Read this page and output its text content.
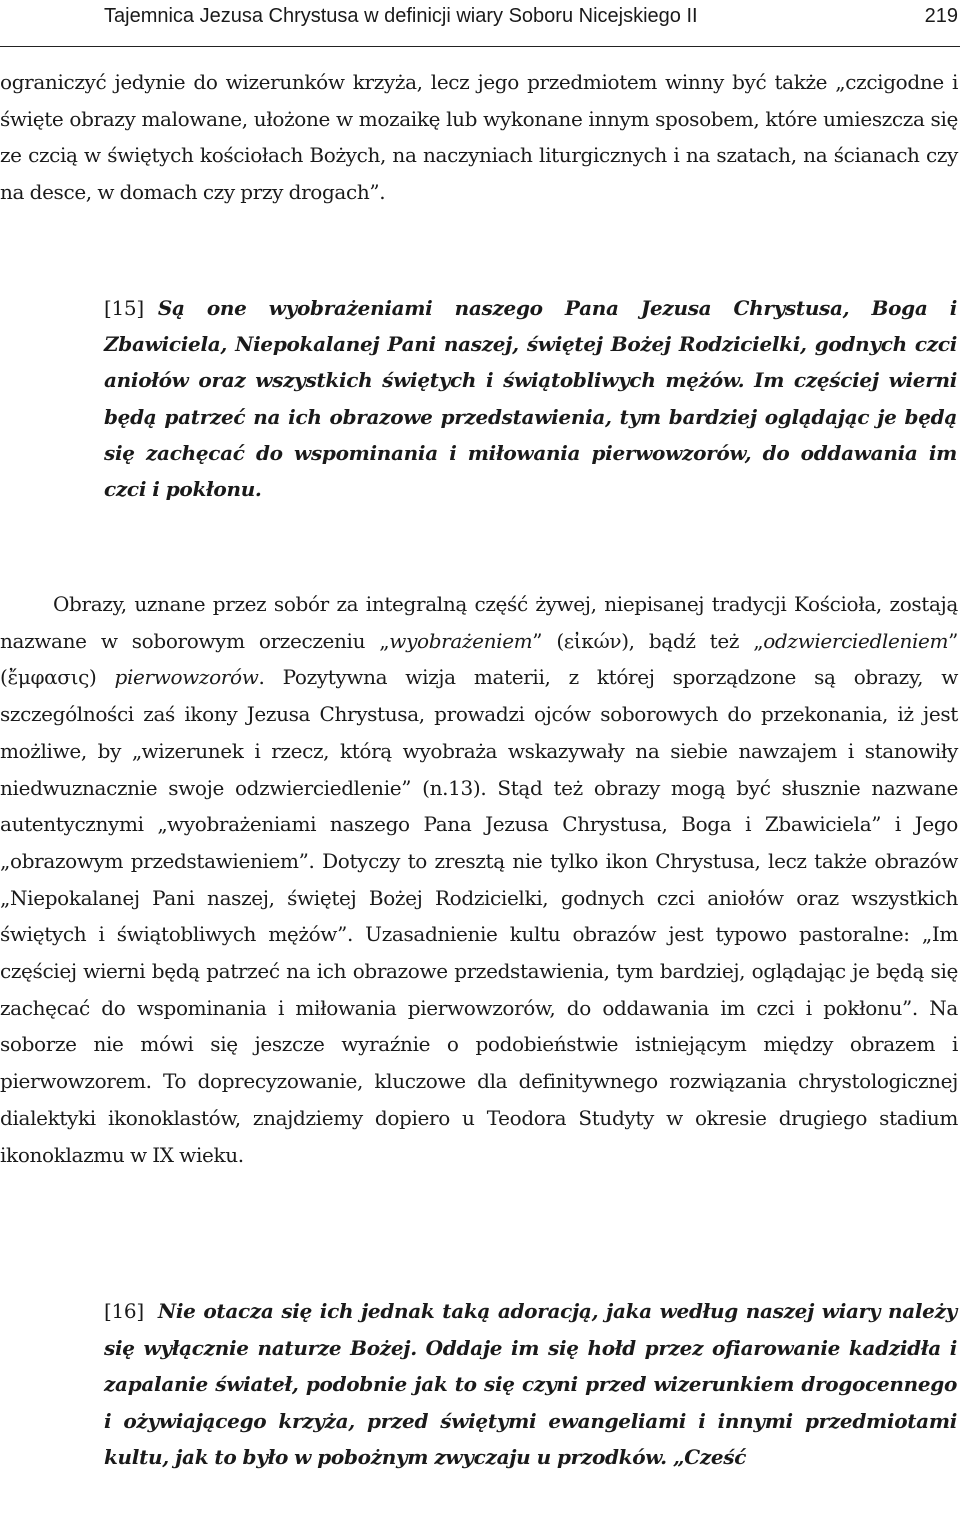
Tajemnica Jezusa Chrystusa w definicji wiary Soboru Nicejskiego II	219

ograniczyć jedynie do wizerunków krzyża, lecz jego przedmiotem winny być także „czcigodne i święte obrazy malowane, ułożone w mozaikę lub wykonane innym sposobem, które umieszcza się ze czcią w świętych kościołach Bożych, na naczyniach liturgicznych i na szatach, na ścianach czy na desce, w domach czy przy drogach”.

[15] Są one wyobrażeniami naszego Pana Jezusa Chrystusa, Boga i Zbawiciela, Niepokalanej Pani naszej, świętej Bożej Rodzicielki, godnych czci aniołów oraz wszystkich świętych i świątobliwych mężów. Im częściej wierni będą patrzeć na ich obrazowe przedstawienia, tym bardziej oglądając je będą się zachęcać do wspominania i miłowania pierwowzorów, do oddawania im czci i pokłonu.

Obrazy, uznane przez sobór za integralną część żywej, niepisanej tradycji Kościoła, zostają nazwane w soborowym orzeczeniu „wyobrażeniem” (εἰκών), bądź też „odzwierciedleniem” (ἔμφασις) pierwowzorów. Pozytywna wizja materii, z której sporządzone są obrazy, w szczególności zaś ikony Jezusa Chrystusa, prowadzi ojców soborowych do przekonania, iż jest możliwe, by „wizerunek i rzecz, którą wyobraża wskazywały na siebie nawzajem i stanowiły niedwuznacznie swoje odzwierciedlenie” (n.13). Stąd też obrazy mogą być słusznie nazwane autentycznymi „wyobrażeniami naszego Pana Jezusa Chrystusa, Boga i Zbawiciela” i Jego „obrazowym przedstawieniem”. Dotyczy to zresztą nie tylko ikon Chrystusa, lecz także obrazów „Niepokalanej Pani naszej, świętej Bożej Rodzicielki, godnych czci aniołów oraz wszystkich świętych i świątobliwych mężów”. Uzasadnienie kultu obrazów jest typowo pastoralne: „Im częściej wierni będą patrzeć na ich obrazowe przedstawienia, tym bardziej, oglądając je będą się zachęcać do wspominania i miłowania pierwowzorów, do oddawania im czci i pokłonu”. Na soborze nie mówi się jeszcze wyraźnie o podobieństwie istniejącym między obrazem i pierwowzorem. To doprecyzowanie, kluczowe dla definitywnego rozwiązania chrystologicznej dialektyki ikonoklastów, znajdziemy dopiero u Teodora Studyty w okresie drugiego stadium ikonoklazmu w IX wieku.

[16] Nie otacza się ich jednak taką adoracją, jaka według naszej wiary należy się wyłącznie naturze Bożej. Oddaje im się hołd przez ofiarowanie kadzidła i zapalanie świateł, podobnie jak to się czyni przed wizerunkiem drogocennego i ożywiającego krzyża, przed świętymi ewangeliami i innymi przedmiotami kultu, jak to było w pobożnym zwyczaju u przodków. „Cześć
